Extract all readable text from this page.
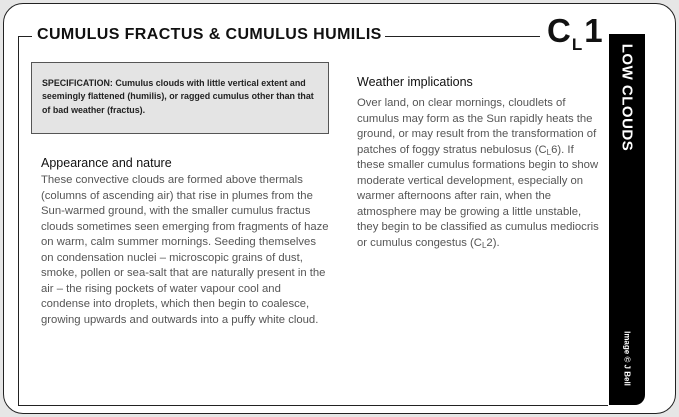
CUMULUS FRACTUS & CUMULUS HUMILIS	$C_L1$
LOW CLOUDS
Image © J Bell

SPECIFICATION: Cumulus clouds with little vertical extent and seemingly flattened (humilis), or ragged cumulus other than that of bad weather (fractus).

Appearance and nature
These convective clouds are formed above thermals (columns of ascending air) that rise in plumes from the Sun-warmed ground, with the smaller cumulus fractus clouds sometimes seen emerging from fragments of haze on warm, calm summer mornings. Seeding themselves on condensation nuclei – microscopic grains of dust, smoke, pollen or sea-salt that are naturally present in the air – the rising pockets of water vapour cool and condense into droplets, which then begin to coalesce, growing upwards and outwards into a puffy white cloud.
Weather implications
Over land, on clear mornings, cloudlets of cumulus may form as the Sun rapidly heats the ground, or may result from the transformation of patches of foggy stratus nebulosus (CL6). If these smaller cumulus formations begin to show moderate vertical development, especially on warmer afternoons after rain, when the atmosphere may be growing a little unstable, they begin to be classified as cumulus mediocris or cumulus congestus (CL2).
